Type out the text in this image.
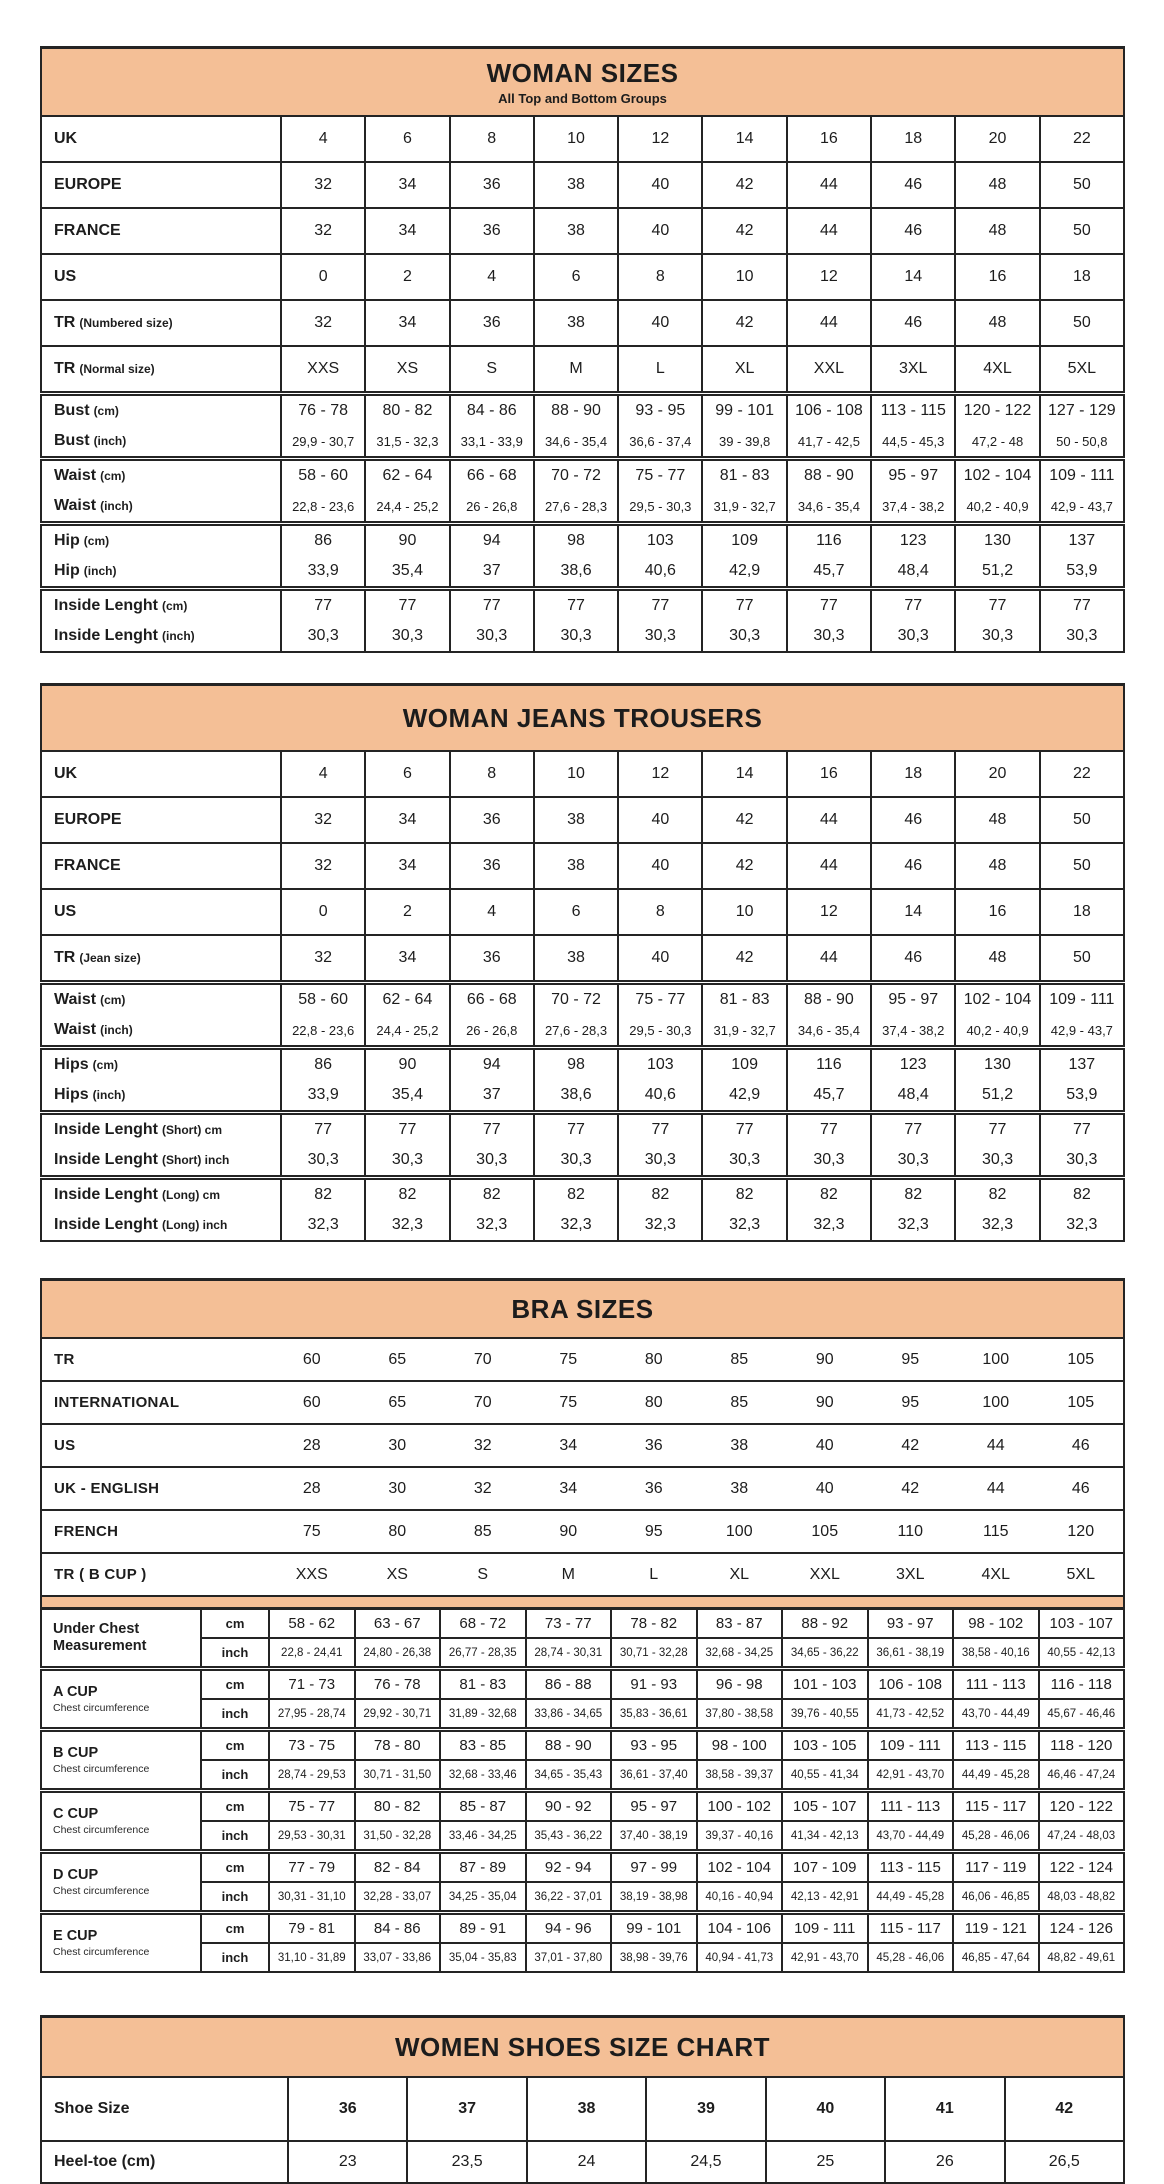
WOMAN SIZES
All Top and Bottom Groups										

UK	4	6	8	10	12	14	16	18	20	22
EUROPE	32	34	36	38	40	42	44	46	48	50
FRANCE	32	34	36	38	40	42	44	46	48	50
US	0	2	4	6	8	10	12	14	16	18
TR (Numbered size)	32	34	36	38	40	42	44	46	48	50
TR (Normal size)	XXS	XS	S	M	L	XL	XXL	3XL	4XL	5XL
Bust (cm)	76 - 78	80 - 82	84 - 86	88 - 90	93 - 95	99 - 101	106 - 108	113 - 115	120 - 122	127 - 129
Bust (inch)	29,9 - 30,7	31,5 - 32,3	33,1 - 33,9	34,6 - 35,4	36,6 - 37,4	39 - 39,8	41,7 - 42,5	44,5 - 45,3	47,2 - 48	50 - 50,8
Waist (cm)	58 - 60	62 - 64	66 - 68	70 - 72	75 - 77	81 - 83	88 - 90	95 - 97	102 - 104	109 - 111
Waist (inch)	22,8 - 23,6	24,4 - 25,2	26 - 26,8	27,6 - 28,3	29,5 - 30,3	31,9 - 32,7	34,6 - 35,4	37,4 - 38,2	40,2 - 40,9	42,9 - 43,7
Hip (cm)	86	90	94	98	103	109	116	123	130	137
Hip (inch)	33,9	35,4	37	38,6	40,6	42,9	45,7	48,4	51,2	53,9
Inside Lenght (cm)	77	77	77	77	77	77	77	77	77	77
Inside Lenght (inch)	30,3	30,3	30,3	30,3	30,3	30,3	30,3	30,3	30,3	30,3
WOMAN JEANS TROUSERS										

UK	4	6	8	10	12	14	16	18	20	22
EUROPE	32	34	36	38	40	42	44	46	48	50
FRANCE	32	34	36	38	40	42	44	46	48	50
US	0	2	4	6	8	10	12	14	16	18
TR (Jean size)	32	34	36	38	40	42	44	46	48	50
Waist (cm)	58 - 60	62 - 64	66 - 68	70 - 72	75 - 77	81 - 83	88 - 90	95 - 97	102 - 104	109 - 111
Waist (inch)	22,8 - 23,6	24,4 - 25,2	26 - 26,8	27,6 - 28,3	29,5 - 30,3	31,9 - 32,7	34,6 - 35,4	37,4 - 38,2	40,2 - 40,9	42,9 - 43,7
Hips (cm)	86	90	94	98	103	109	116	123	130	137
Hips (inch)	33,9	35,4	37	38,6	40,6	42,9	45,7	48,4	51,2	53,9
Inside Lenght (Short) cm	77	77	77	77	77	77	77	77	77	77
Inside Lenght (Short) inch	30,3	30,3	30,3	30,3	30,3	30,3	30,3	30,3	30,3	30,3
Inside Lenght (Long) cm	82	82	82	82	82	82	82	82	82	82
Inside Lenght (Long) inch	32,3	32,3	32,3	32,3	32,3	32,3	32,3	32,3	32,3	32,3
BRA SIZES											

TR		60	65	70	75	80	85	90	95	100	105
INTERNATIONAL		60	65	70	75	80	85	90	95	100	105
US		28	30	32	34	36	38	40	42	44	46
UK - ENGLISH		28	30	32	34	36	38	40	42	44	46
FRENCH		75	80	85	90	95	100	105	110	115	120
TR ( B CUP )		XXS	XS	S	M	L	XL	XXL	3XL	4XL	5XL

Under Chest Measurement	cm	58 - 62	63 - 67	68 - 72	73 - 77	78 - 82	83 - 87	88 - 92	93 - 97	98 - 102	103 - 107
	inch	22,8 - 24,41	24,80 - 26,38	26,77 - 28,35	28,74 - 30,31	30,71 - 32,28	32,68 - 34,25	34,65 - 36,22	36,61 - 38,19	38,58 - 40,16	40,55 - 42,13

A CUP
Chest circumference	cm	71 - 73	76 - 78	81 - 83	86 - 88	91 - 93	96 - 98	101 - 103	106 - 108	111 - 113	116 - 118
	inch	27,95 - 28,74	29,92 - 30,71	31,89 - 32,68	33,86 - 34,65	35,83 - 36,61	37,80 - 38,58	39,76 - 40,55	41,73 - 42,52	43,70 - 44,49	45,67 - 46,46

B CUP
Chest circumference	cm	73 - 75	78 - 80	83 - 85	88 - 90	93 - 95	98 - 100	103 - 105	109 - 111	113 - 115	118 - 120
	inch	28,74 - 29,53	30,71 - 31,50	32,68 - 33,46	34,65 - 35,43	36,61 - 37,40	38,58 - 39,37	40,55 - 41,34	42,91 - 43,70	44,49 - 45,28	46,46 - 47,24

C CUP
Chest circumference	cm	75 - 77	80 - 82	85 - 87	90 - 92	95 - 97	100 - 102	105 - 107	111 - 113	115 - 117	120 - 122
	inch	29,53 - 30,31	31,50 - 32,28	33,46 - 34,25	35,43 - 36,22	37,40 - 38,19	39,37 - 40,16	41,34 - 42,13	43,70 - 44,49	45,28 - 46,06	47,24 - 48,03

D CUP
Chest circumference	cm	77 - 79	82 - 84	87 - 89	92 - 94	97 - 99	102 - 104	107 - 109	113 - 115	117 - 119	122 - 124
	inch	30,31 - 31,10	32,28 - 33,07	34,25 - 35,04	36,22 - 37,01	38,19 - 38,98	40,16 - 40,94	42,13 - 42,91	44,49 - 45,28	46,06 - 46,85	48,03 - 48,82

E CUP
Chest circumference	cm	79 - 81	84 - 86	89 - 91	94 - 96	99 - 101	104 - 106	109 - 111	115 - 117	119 - 121	124 - 126
	inch	31,10 - 31,89	33,07 - 33,86	35,04 - 35,83	37,01 - 37,80	38,98 - 39,76	40,94 - 41,73	42,91 - 43,70	45,28 - 46,06	46,85 - 47,64	48,82 - 49,61
WOMEN SHOES SIZE CHART							

Shoe Size	36	37	38	39	40	41	42
Heel-toe (cm)	23	23,5	24	24,5	25	26	26,5
